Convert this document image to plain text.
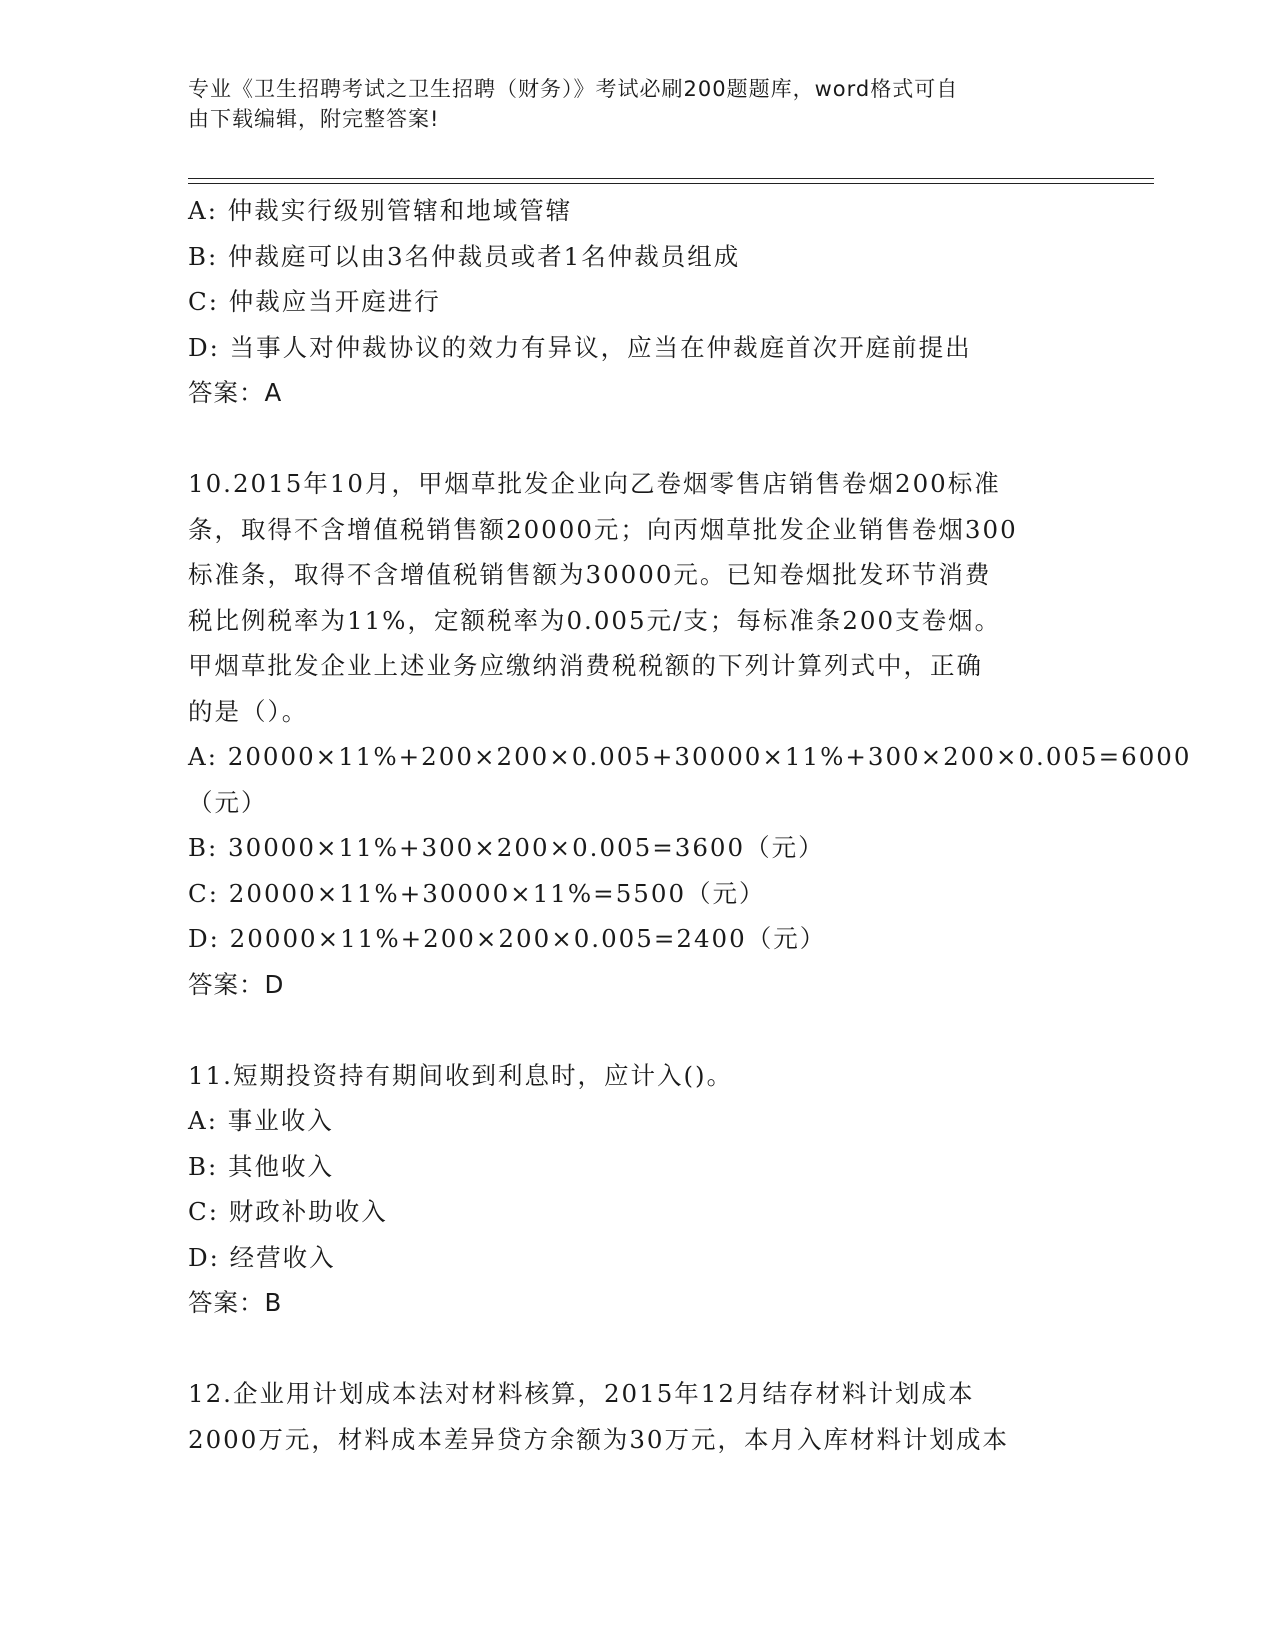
专业《卫生招聘考试之卫生招聘（财务）》考试必刷200题题库，word格式可自
由下载编辑，附完整答案!
A: 仲裁实行级别管辖和地域管辖
B: 仲裁庭可以由3名仲裁员或者1名仲裁员组成
C: 仲裁应当开庭进行
D: 当事人对仲裁协议的效力有异议，应当在仲裁庭首次开庭前提出
答案：A
10.2015年10月，甲烟草批发企业向乙卷烟零售店销售卷烟200标准
条，取得不含增值税销售额20000元；向丙烟草批发企业销售卷烟300
标准条，取得不含增值税销售额为30000元。已知卷烟批发环节消费
税比例税率为11%，定额税率为0.005元/支；每标准条200支卷烟。
甲烟草批发企业上述业务应缴纳消费税税额的下列计算列式中，正确
的是（）。
A: 20000×11%+200×200×0.005+30000×11%+300×200×0.005=6000
（元）
B: 30000×11%+300×200×0.005=3600（元）
C: 20000×11%+30000×11%=5500（元）
D: 20000×11%+200×200×0.005=2400（元）
答案：D
11.短期投资持有期间收到利息时，应计入()。
A: 事业收入
B: 其他收入
C: 财政补助收入
D: 经营收入
答案：B
12.企业用计划成本法对材料核算，2015年12月结存材料计划成本
2000万元，材料成本差异贷方余额为30万元，本月入库材料计划成本
